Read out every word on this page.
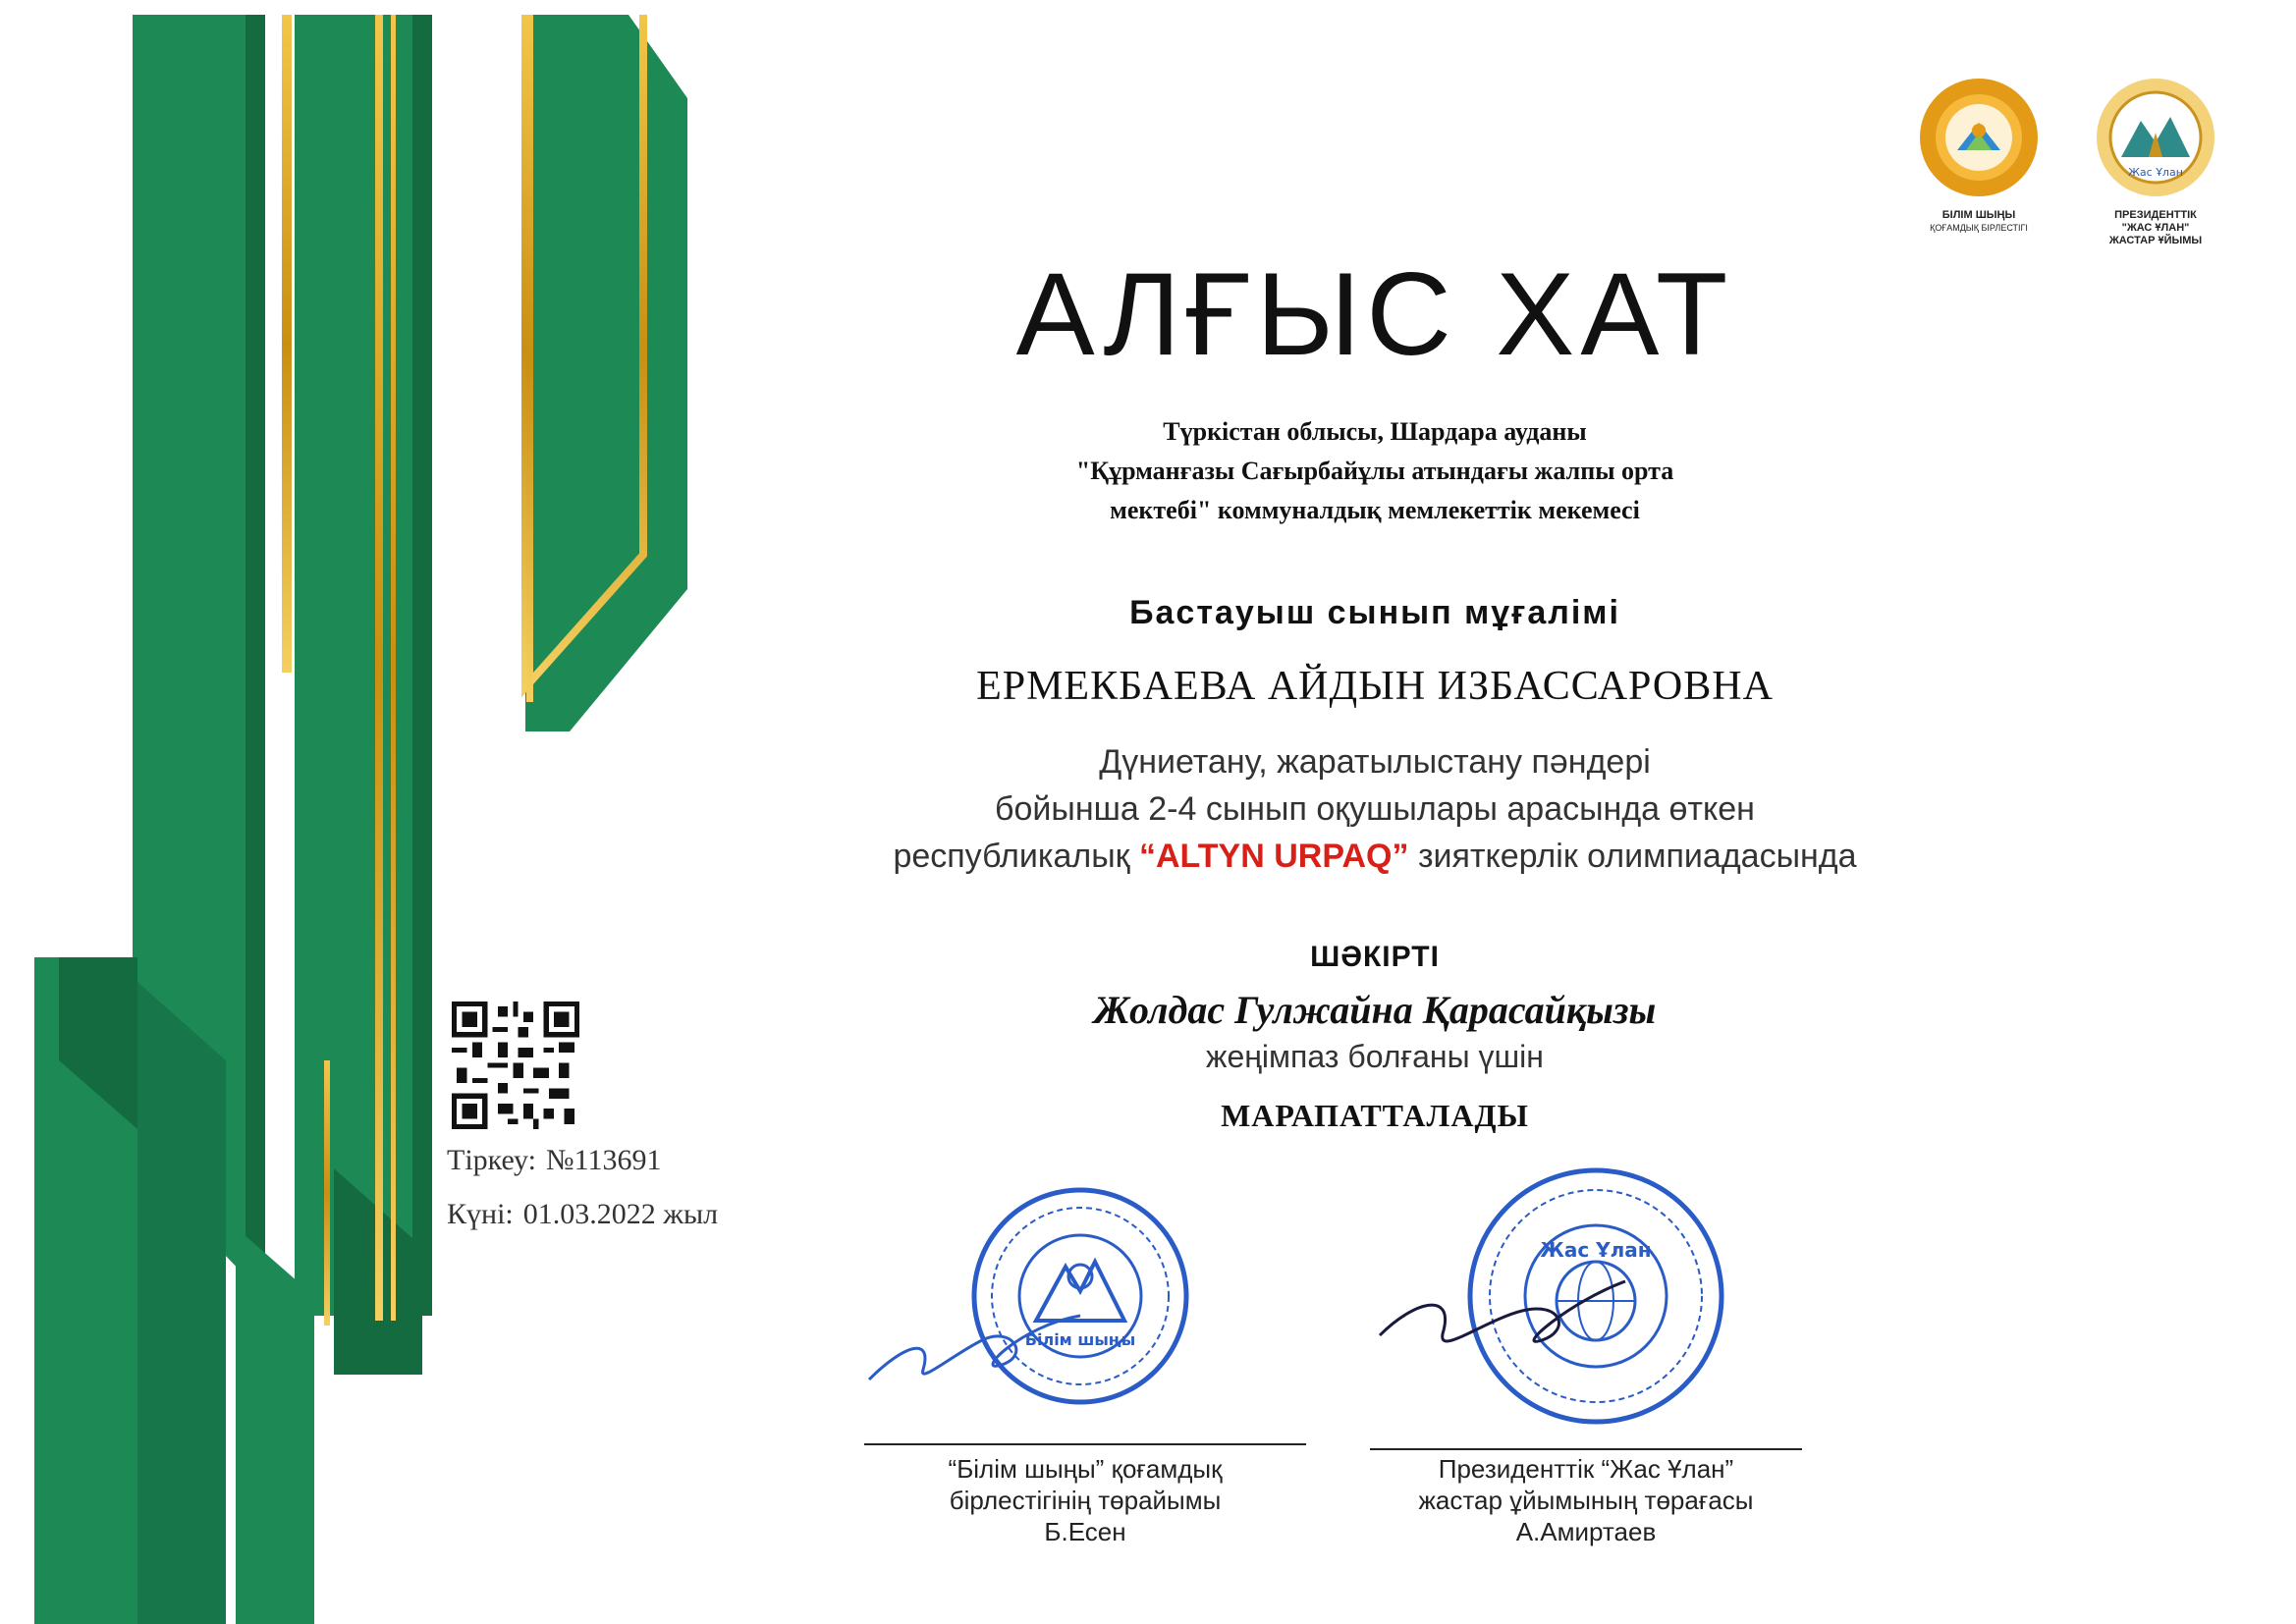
БІЛІМ ШЫҢЫ
ҚОҒАМДЫҚ БІРЛЕСТІГІ
Жас Ұлан
ПРЕЗИДЕНТТІК
"ЖАС ҰЛАН"
ЖАСТАР ҰЙЫМЫ
АЛҒЫС ХАТ
Түркістан облысы, Шардара ауданы
"Құрманғазы Сағырбайұлы атындағы жалпы орта
мектебі" коммуналдық мемлекеттік мекемесі
Бастауыш сынып мұғалімі
ЕРМЕКБАЕВА АЙДЫН ИЗБАССАРОВНА
Дүниетану, жаратылыстану пәндері
бойынша 2-4 сынып оқушылары арасында өткен
республикалық “ALTYN URPAQ” зияткерлік олимпиадасында
ШӘКІРТІ
Жолдас Гулжайна Қарасайқызы
жеңімпаз болғаны үшін
МАРАПАТТАЛАДЫ
Тіркеу: №113691
Күні: 01.03.2022 жыл
Білім шыңы
Жас Ұлан
“Білім шыңы” қоғамдық
бірлестігінің төрайымы
Б.Есен
Президенттік “Жас Ұлан”
жастар ұйымының төрағасы
А.Амиртаев
